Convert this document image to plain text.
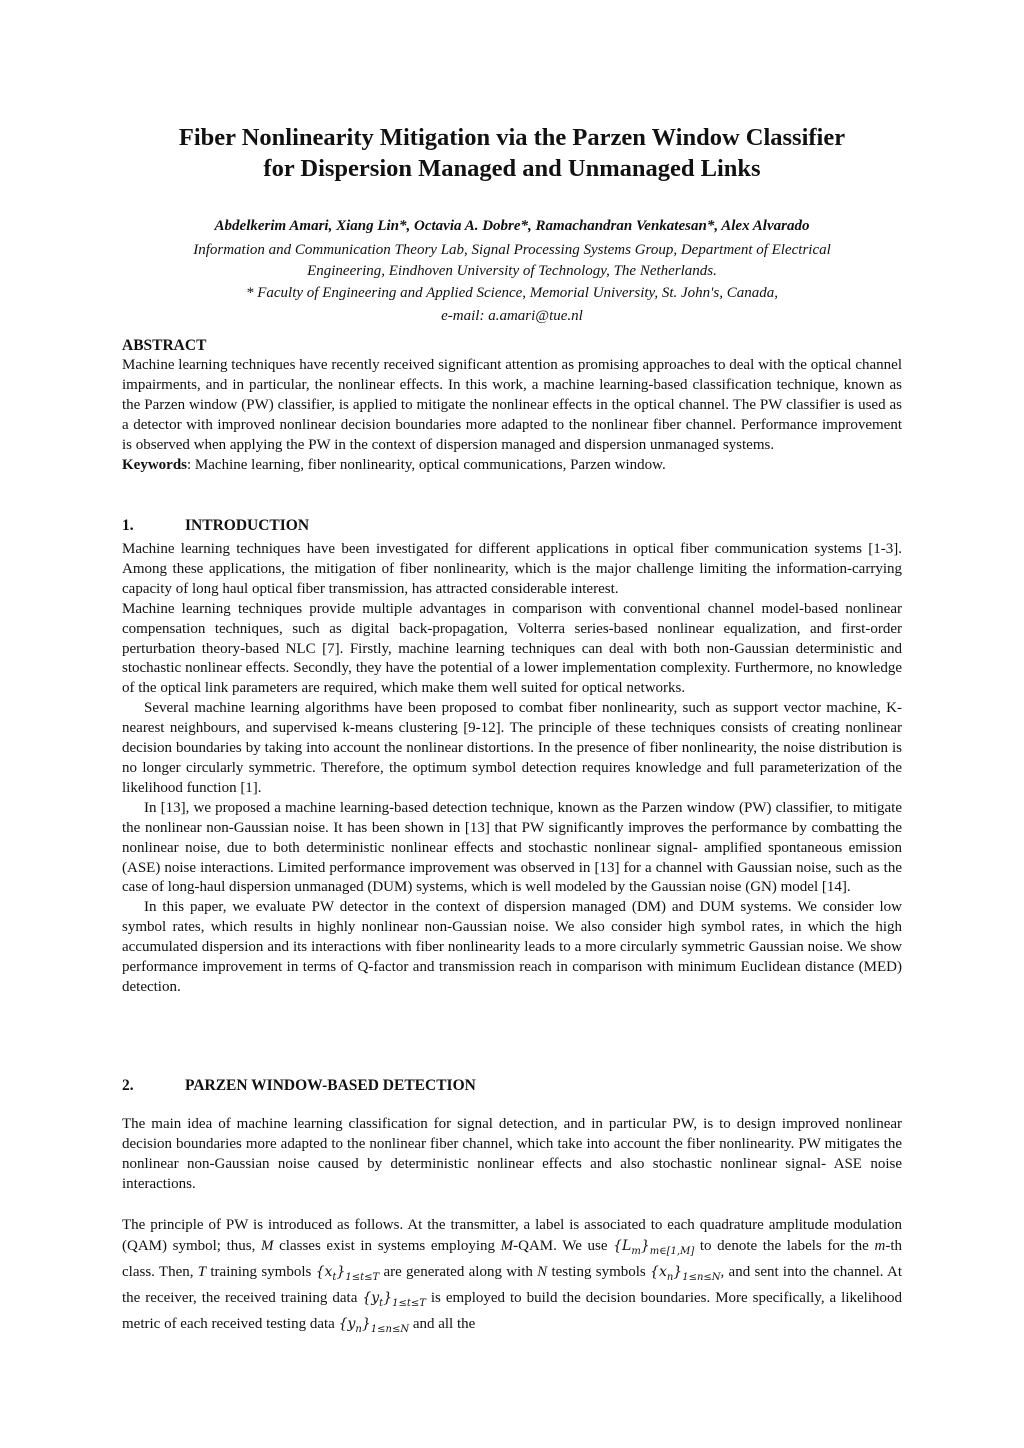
Fiber Nonlinearity Mitigation via the Parzen Window Classifier
for Dispersion Managed and Unmanaged Links
Abdelkerim Amari, Xiang Lin*, Octavia A. Dobre*, Ramachandran Venkatesan*, Alex Alvarado
Information and Communication Theory Lab, Signal Processing Systems Group, Department of Electrical
Engineering, Eindhoven University of Technology, The Netherlands.
* Faculty of Engineering and Applied Science, Memorial University, St. John's, Canada,
e-mail: a.amari@tue.nl
ABSTRACT

Machine learning techniques have recently received significant attention as promising approaches to deal with the optical channel impairments, and in particular, the nonlinear effects. In this work, a machine learning-based classification technique, known as the Parzen window (PW) classifier, is applied to mitigate the nonlinear effects in the optical channel. The PW classifier is used as a detector with improved nonlinear decision boundaries more adapted to the nonlinear fiber channel. Performance improvement is observed when applying the PW in the context of dispersion managed and dispersion unmanaged systems.
Keywords: Machine learning, fiber nonlinearity, optical communications, Parzen window.

1.	INTRODUCTION
Machine learning techniques have been investigated for different applications in optical fiber communication systems [1-3]. Among these applications, the mitigation of fiber nonlinearity, which is the major challenge limiting the information-carrying capacity of long haul optical fiber transmission, has attracted considerable interest.
Machine learning techniques provide multiple advantages in comparison with conventional channel model-based nonlinear compensation techniques, such as digital back-propagation, Volterra series-based nonlinear equalization, and first-order perturbation theory-based NLC [7]. Firstly, machine learning techniques can deal with both non-Gaussian deterministic and stochastic nonlinear effects. Secondly, they have the potential of a lower implementation complexity. Furthermore, no knowledge of the optical link parameters are required, which make them well suited for optical networks.
Several machine learning algorithms have been proposed to combat fiber nonlinearity, such as support vector machine, K-nearest neighbours, and supervised k-means clustering [9-12]. The principle of these techniques consists of creating nonlinear decision boundaries by taking into account the nonlinear distortions. In the presence of fiber nonlinearity, the noise distribution is no longer circularly symmetric. Therefore, the optimum symbol detection requires knowledge and full parameterization of the likelihood function [1].
In [13], we proposed a machine learning-based detection technique, known as the Parzen window (PW) classifier, to mitigate the nonlinear non-Gaussian noise. It has been shown in [13] that PW significantly improves the performance by combatting the nonlinear noise, due to both deterministic nonlinear effects and stochastic nonlinear signal- amplified spontaneous emission (ASE) noise interactions. Limited performance improvement was observed in [13] for a channel with Gaussian noise, such as the case of long-haul dispersion unmanaged (DUM) systems, which is well modeled by the Gaussian noise (GN) model [14].
In this paper, we evaluate PW detector in the context of dispersion managed (DM) and DUM systems. We consider low symbol rates, which results in highly nonlinear non-Gaussian noise. We also consider high symbol rates, in which the high accumulated dispersion and its interactions with fiber nonlinearity leads to a more circularly symmetric Gaussian noise. We show performance improvement in terms of Q-factor and transmission reach in comparison with minimum Euclidean distance (MED) detection.
2.	PARZEN WINDOW-BASED DETECTION

The main idea of machine learning classification for signal detection, and in particular PW, is to design improved nonlinear decision boundaries more adapted to the nonlinear fiber channel, which take into account the fiber nonlinearity. PW mitigates the nonlinear non-Gaussian noise caused by deterministic nonlinear effects and also stochastic nonlinear signal- ASE noise interactions.

The principle of PW is introduced as follows. At the transmitter, a label is associated to each quadrature amplitude modulation (QAM) symbol; thus, M classes exist in systems employing M-QAM. We use $\{L_m\}_{m\in[1,M]}$ to denote the labels for the m-th class. Then, T training symbols $\{x_t\}_{1\le t\le T}$ are generated along with N testing symbols $\{x_n\}_{1\le n\le N}$, and sent into the channel. At the receiver, the received training data $\{y_t\}_{1\le t\le T}$ is employed to build the decision boundaries. More specifically, a likelihood metric of each received testing data $\{y_n\}_{1\le n\le N}$ and all the
